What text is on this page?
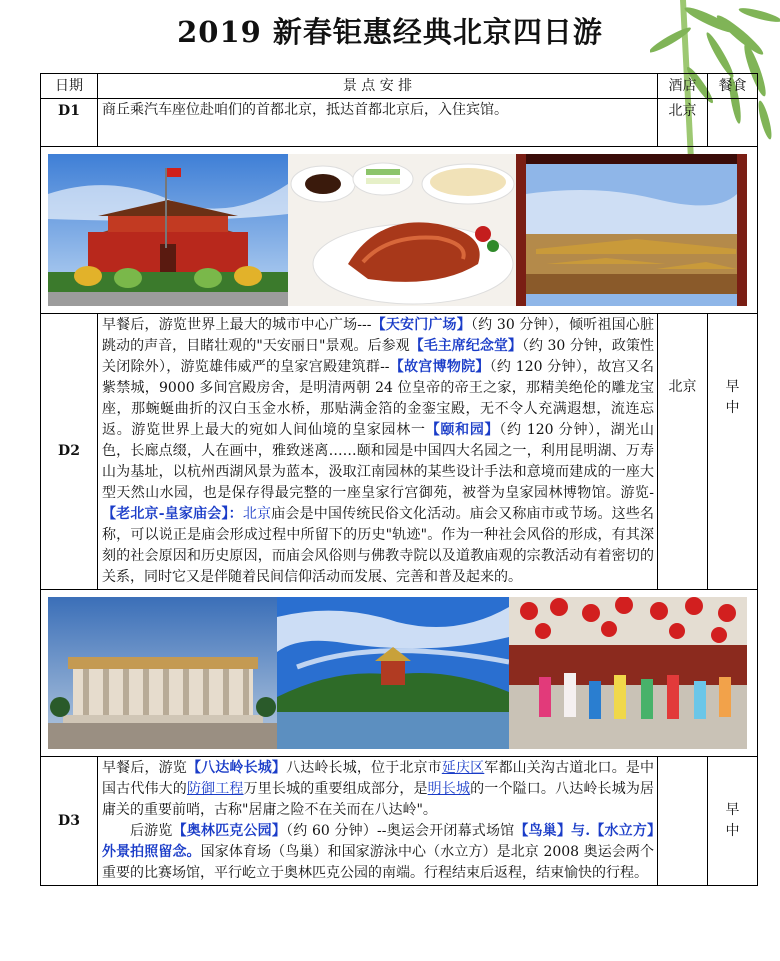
2019 新春钜惠经典北京四日游
日期	景 点 安 排	酒店	餐食
D1	商丘乘汽车座位赴咱们的首都北京，抵达首都北京后，入住宾馆。	北京	

D2	早餐后，游览世界上最大的城市中心广场---【天安门广场】（约 30 分钟），倾听祖国心脏跳动的声音，目睹壮观的"天安丽日"景观。后参观【毛主席纪念堂】（约 30 分钟，政策性关闭除外），游览雄伟威严的皇家宫殿建筑群--【故宫博物院】（约 120 分钟），故宫又名紫禁城，9000 多间宫殿房舍，是明清两朝 24 位皇帝的帝王之家，那精美绝伦的雕龙宝座，那蜿蜒曲折的汉白玉金水桥，那贴满金箔的金銮宝殿，无不令人充满遐想，流连忘返。游览世界上最大的宛如人间仙境的皇家园林一【颐和园】（约 120 分钟），湖光山色，长廊点缀，人在画中，雅致迷离……颐和园是中国四大名园之一，利用昆明湖、万寿山为基址，以杭州西湖风景为蓝本，汲取江南园林的某些设计手法和意境而建成的一座大型天然山水园，也是保存得最完整的一座皇家行宫御苑，被誉为皇家园林博物馆。游览-【老北京-皇家庙会】：北京庙会是中国传统民俗文化活动。庙会又称庙市或节场。这些名称，可以说正是庙会形成过程中所留下的历史"轨迹"。作为一种社会风俗的形成，有其深刻的社会原因和历史原因，而庙会风俗则与佛教寺院以及道教庙观的宗教活动有着密切的关系，同时它又是伴随着民间信仰活动而发展、完善和普及起来的。	北京	早
中

D3	早餐后，游览【八达岭长城】八达岭长城，位于北京市延庆区军都山关沟古道北口。是中国古代伟大的防御工程万里长城的重要组成部分，是明长城的一个隘口。八达岭长城为居庸关的重要前哨，古称"居庸之险不在关而在八达岭"。
后游览【奥林匹克公园】（约 60 分钟）--奥运会开闭幕式场馆【鸟巢】与.【水立方】外景拍照留念。国家体育场（鸟巢）和国家游泳中心（水立方）是北京 2008 奥运会两个重要的比赛场馆，平行屹立于奥林匹克公园的南端。行程结束后返程，结束愉快的行程。		早
中
